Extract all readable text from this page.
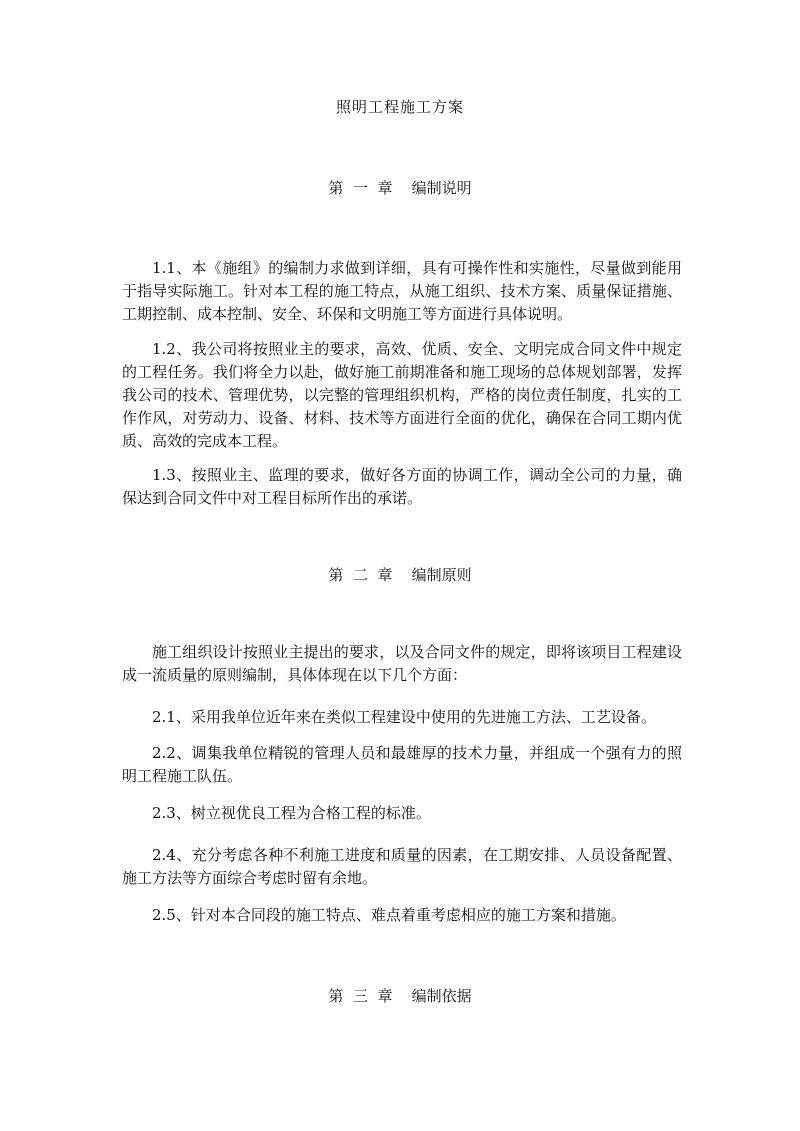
照明工程施工方案
第  一  章    编制说明

1.1、本《施组》的编制力求做到详细，具有可操作性和实施性，尽量做到能用于指导实际施工。针对本工程的施工特点，从施工组织、技术方案、质量保证措施、工期控制、成本控制、安全、环保和文明施工等方面进行具体说明。

1.2、我公司将按照业主的要求，高效、优质、安全、文明完成合同文件中规定的工程任务。我们将全力以赴，做好施工前期准备和施工现场的总体规划部署，发挥我公司的技术、管理优势，以完整的管理组织机构，严格的岗位责任制度，扎实的工作作风，对劳动力、设备、材料、技术等方面进行全面的优化，确保在合同工期内优质、高效的完成本工程。

1.3、按照业主、监理的要求，做好各方面的协调工作，调动全公司的力量，确保达到合同文件中对工程目标所作出的承诺。

第  二  章    编制原则

施工组织设计按照业主提出的要求，以及合同文件的规定，即将该项目工程建设成一流质量的原则编制，具体体现在以下几个方面：

2.1、采用我单位近年来在类似工程建设中使用的先进施工方法、工艺设备。

2.2、调集我单位精锐的管理人员和最雄厚的技术力量，并组成一个强有力的照明工程施工队伍。

2.3、树立视优良工程为合格工程的标准。

2.4、充分考虑各种不利施工进度和质量的因素，在工期安排、人员设备配置、施工方法等方面综合考虑时留有余地。

2.5、针对本合同段的施工特点、难点着重考虑相应的施工方案和措施。

第  三  章    编制依据
